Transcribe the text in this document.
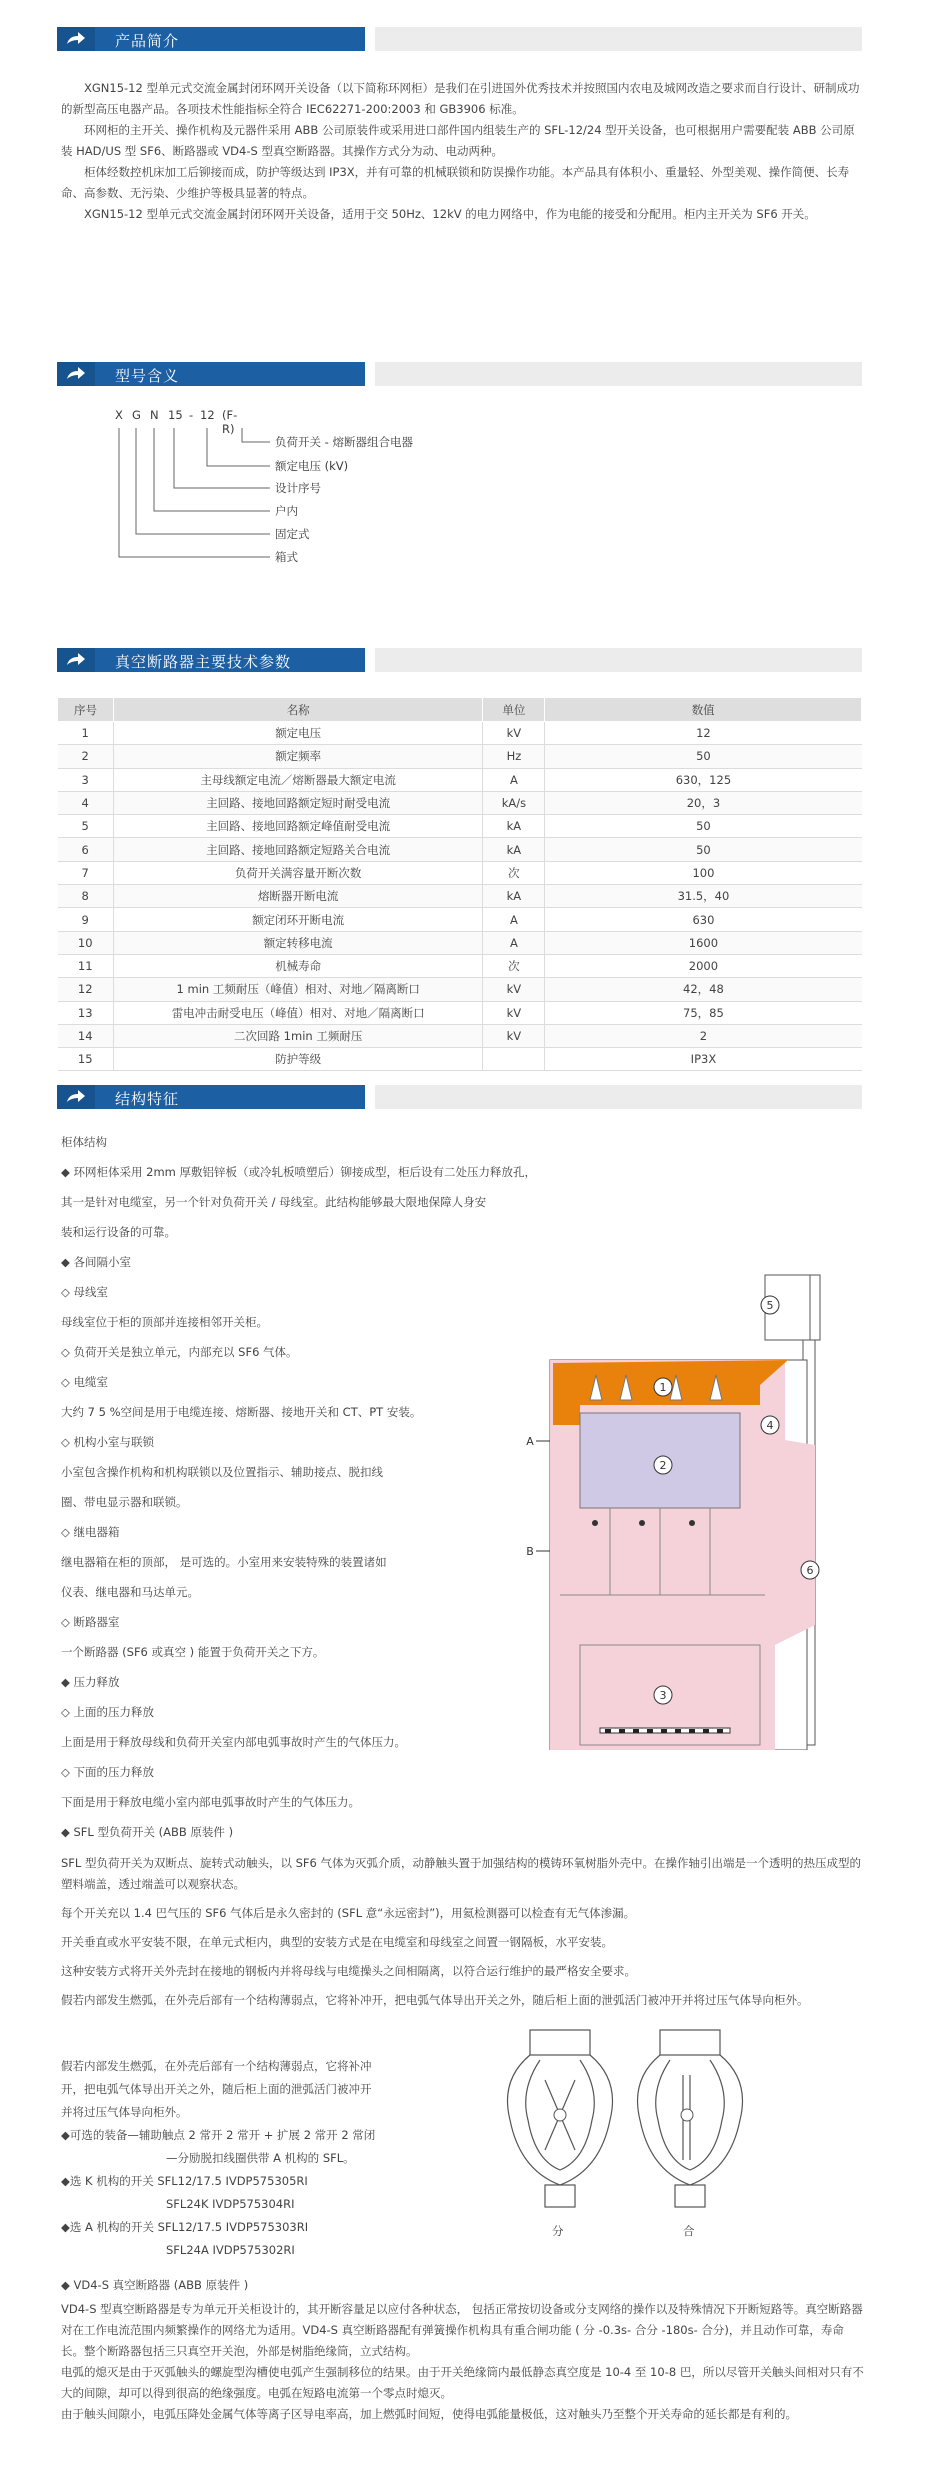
产品简介

XGN15-12 型单元式交流金属封闭环网开关设备（以下简称环网柜）是我们在引进国外优秀技术并按照国内农电及城网改造之要求而自行设计、研制成功的新型高压电器产品。各项技术性能指标全符合 IEC62271-200:2003 和 GB3906 标准。

环网柜的主开关、操作机构及元器件采用 ABB 公司原装件或采用进口部件国内组装生产的 SFL-12/24 型开关设备，也可根据用户需要配装 ABB 公司原装 HAD/US 型 SF6、断路器或 VD4-S 型真空断路器。其操作方式分为动、电动两种。

柜体经数控机床加工后铆接而成，防护等级达到 IP3X，并有可靠的机械联锁和防误操作功能。本产品具有体积小、重量轻、外型美观、操作简便、长寿命、高参数、无污染、少维护等极具显著的特点。

XGN15-12 型单元式交流金属封闭环网开关设备，适用于交 50Hz、12kV 的电力网络中，作为电能的接受和分配用。柜内主开关为 SF6 开关。

型号含义
X G N 15 - 12 (F-R)
负荷开关 - 熔断器组合电器
额定电压 (kV)
设计序号
户内
固定式
箱式
真空断路器主要技术参数
序号	名称	单位	数值
1	额定电压	kV	12
2	额定频率	Hz	50
3	主母线额定电流／熔断器最大额定电流	A	630，125
4	主回路、接地回路额定短时耐受电流	kA/s	20，3
5	主回路、接地回路额定峰值耐受电流	kA	50
6	主回路、接地回路额定短路关合电流	kA	50
7	负荷开关满容量开断次数	次	100
8	熔断器开断电流	kA	31.5，40
9	额定闭环开断电流	A	630
10	额定转移电流	A	1600
11	机械寿命	次	2000
12	1 min 工频耐压（峰值）相对、对地／隔离断口	kV	42，48
13	雷电冲击耐受电压（峰值）相对、对地／隔离断口	kV	75，85
14	二次回路 1min 工频耐压	kV	2
15	防护等级		IP3X
结构特征
柜体结构
◆ 环网柜体采用 2mm 厚敷铝锌板（或冷轧板喷塑后）铆接成型，柜后设有二处压力释放孔，
其一是针对电缆室，另一个针对负荷开关 / 母线室。此结构能够最大限地保障人身安
装和运行设备的可靠。
◆ 各间隔小室
◇ 母线室
母线室位于柜的顶部并连接相邻开关柜。
◇ 负荷开关是独立单元，内部充以 SF6 气体。
◇ 电缆室
大约 7 5 %空间是用于电缆连接、熔断器、接地开关和 CT、PT 安装。
◇ 机构小室与联锁
小室包含操作机构和机构联锁以及位置指示、辅助接点、脱扣线
圈、带电显示器和联锁。
◇ 继电器箱
继电器箱在柜的顶部， 是可选的。小室用来安装特殊的装置诸如
仪表、继电器和马达单元。
◇ 断路器室
一个断路器 (SF6 或真空 ) 能置于负荷开关之下方。
◆ 压力释放
◇ 上面的压力释放
上面是用于释放母线和负荷开关室内部电弧事故时产生的气体压力。
◇ 下面的压力释放
下面是用于释放电缆小室内部电弧事故时产生的气体压力。
◆ SFL 型负荷开关 (ABB 原装件 )
1
2
3
4
5
6
A
B

SFL 型负荷开关为双断点、旋转式动触头，以 SF6 气体为灭弧介质，动静触头置于加强结构的模铸环氧树脂外壳中。在操作轴引出端是一个透明的热压成型的塑料端盖，透过端盖可以观察状态。

每个开关充以 1.4 巴气压的 SF6 气体后是永久密封的 (SFL 意“永远密封”)，用氦检测器可以检查有无气体渗漏。

开关垂直或水平安装不限，在单元式柜内，典型的安装方式是在电缆室和母线室之间置一钢隔板，水平安装。

这种安装方式将开关外壳封在接地的钢板内并将母线与电缆操头之间相隔离，以符合运行维护的最严格安全要求。

假若内部发生燃弧，在外壳后部有一个结构薄弱点，它将补冲开，把电弧气体导出开关之外，随后柜上面的泄弧活门被冲开并将过压气体导向柜外。

假若内部发生燃弧，在外壳后部有一个结构薄弱点，它将补冲
开，把电弧气体导出开关之外，随后柜上面的泄弧活门被冲开
并将过压气体导向柜外。
◆可选的装备—辅助触点 2 常开 2 常开 + 扩展 2 常开 2 常闭
—分励脱扣线圈供带 A 机构的 SFL。
◆选 K 机构的开关 SFL12/17.5 IVDP575305RI
SFL24K IVDP575304RI
◆选 A 机构的开关 SFL12/17.5 IVDP575303RI
SFL24A IVDP575302RI
分	合
◆ VD4-S 真空断路器 (ABB 原装件 )

VD4-S 型真空断路器是专为单元开关柜设计的，其开断容量足以应付各种状态， 包括正常按切设备或分支网络的操作以及特殊情况下开断短路等。真空断路器对在工作电流范围内频繁操作的网络尤为适用。VD4-S 真空断路器配有弹簧操作机构具有重合闸功能 ( 分 -0.3s- 合分 -180s- 合分)，并且动作可靠，寿命长。整个断路器包括三只真空开关泡，外部是树脂绝缘筒，立式结构。

电弧的熄灭是由于灭弧触头的螺旋型沟槽使电弧产生强制移位的结果。由于开关绝缘筒内最低静态真空度是 10-4 至 10-8 巴，所以尽管开关触头间相对只有不大的间隙，却可以得到很高的绝缘强度。电弧在短路电流第一个零点时熄灭。

由于触头间隙小，电弧压降处金属气体等离子区导电率高，加上燃弧时间短，使得电弧能量极低，这对触头乃至整个开关寿命的延长都是有利的。
